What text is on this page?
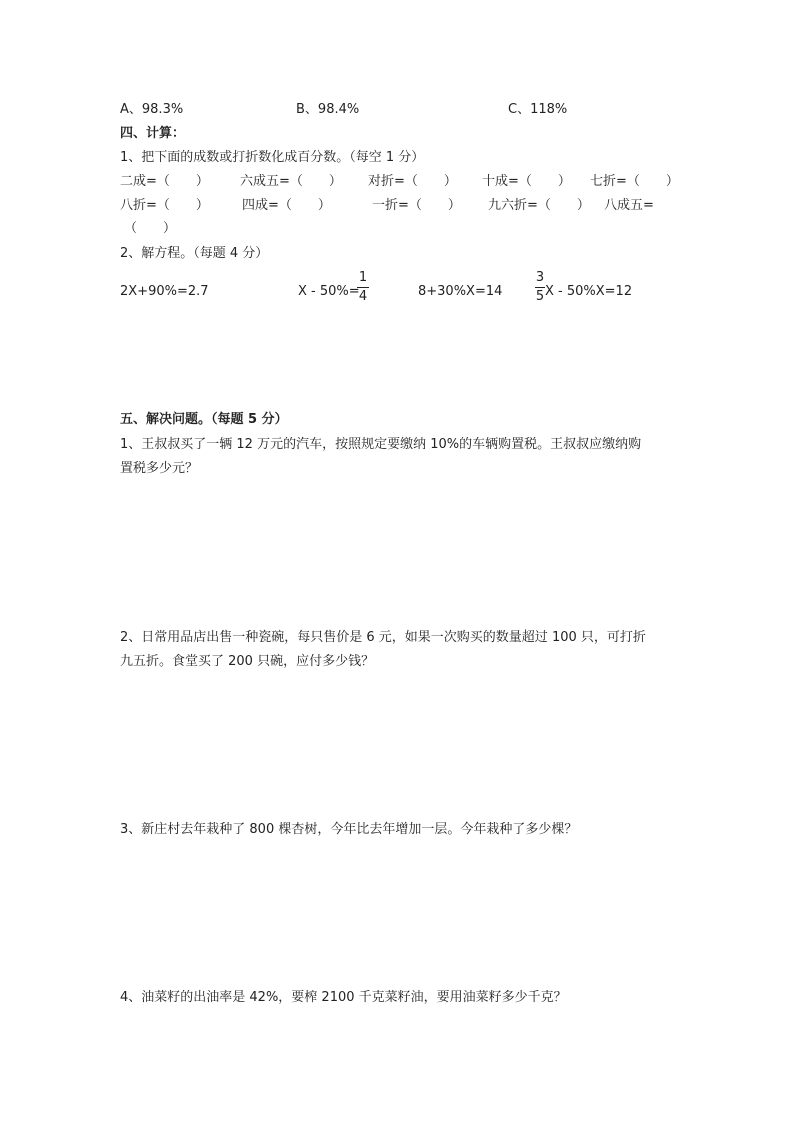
A、98.3%	B、98.4%	C、118%
四、计算：
1、把下面的成数或打折数化成百分数。（每空 1 分）
二成=（　　） 六成五=（　　） 对折=（　　） 十成=（　　） 七折=（　　）
八折=（　　）	四成=（　　）	一折=（　　） 九六折=（　　） 八成五=
（　　）
2、解方程。（每题 4 分）
2X+90%=2.7	X - 50%=
1
4	8+30%X=14
3
5 X - 50%X=12
五、解决问题。（每题 5 分）
1、王叔叔买了一辆 12 万元的汽车，按照规定要缴纳 10%的车辆购置税。王叔叔应缴纳购
置税多少元？
2、日常用品店出售一种瓷碗，每只售价是 6 元，如果一次购买的数量超过 100 只，可打折
九五折。食堂买了 200 只碗，应付多少钱？
3、新庄村去年栽种了 800 棵杏树，今年比去年增加一层。今年栽种了多少棵？
4、油菜籽的出油率是 42%，要榨 2100 千克菜籽油，要用油菜籽多少千克？
